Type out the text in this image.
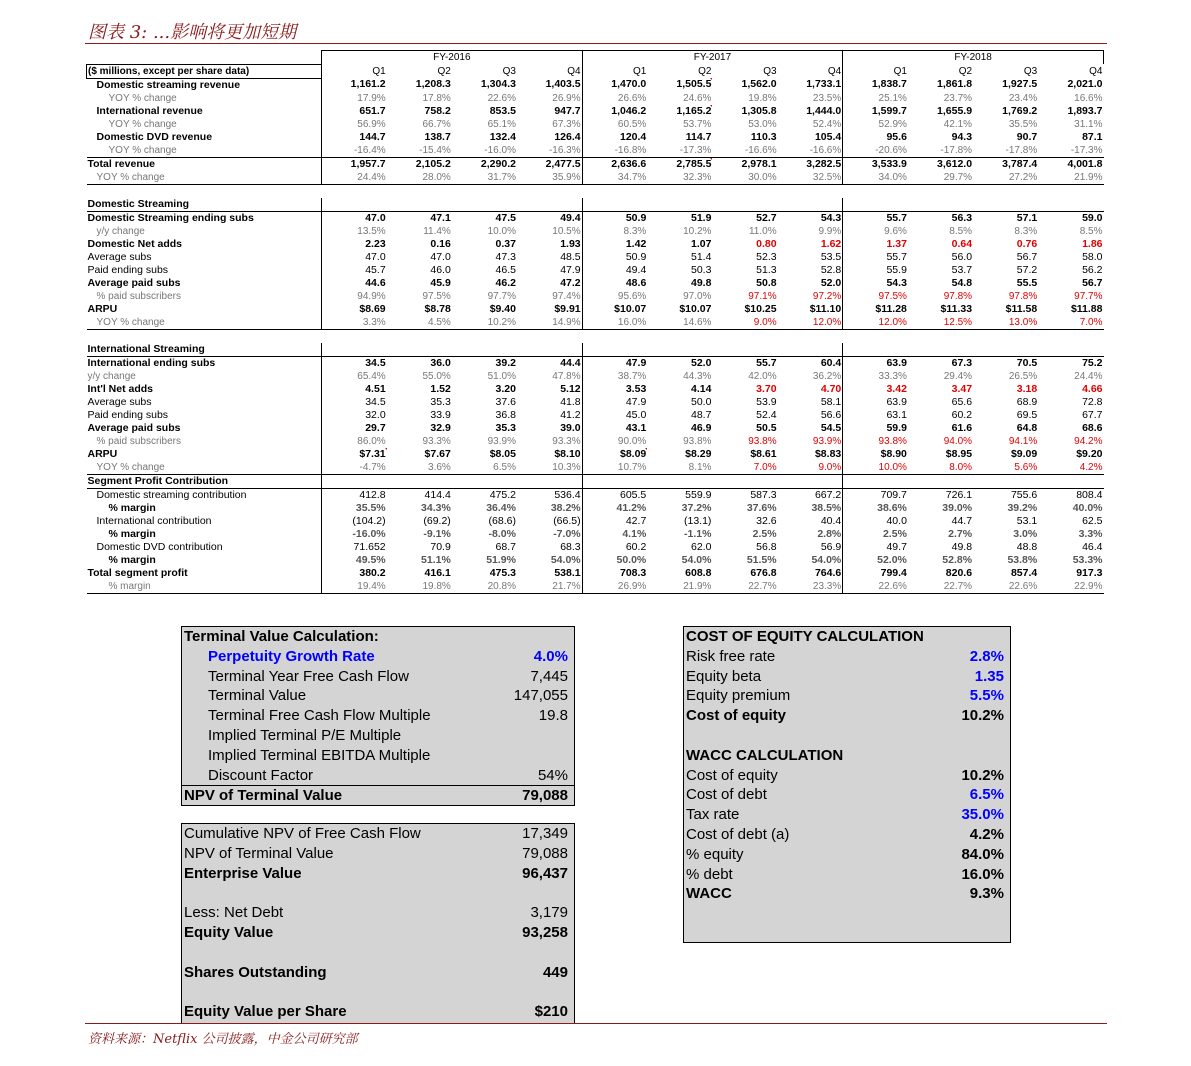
图表 3: ...影响将更加短期
	FY-2016				FY-2017				FY-2018			
($ millions, except per share data)	Q1	Q2	Q3	Q4	Q1	Q2	Q3	Q4	Q1	Q2	Q3	Q4
Domestic streaming revenue	1,161.2	1,208.3	1,304.3	1,403.5	1,470.0	1,505.5	1,562.0	1,733.1	1,838.7	1,861.8	1,927.5	2,021.0
YOY % change	17.9%	17.8%	22.6%	26.9%	26.6%	24.6%	19.8%	23.5%	25.1%	23.7%	23.4%	16.6%
International revenue	651.7	758.2	853.5	947.7	1,046.2	1,165.2	1,305.8	1,444.0	1,599.7	1,655.9	1,769.2	1,893.7
YOY % change	56.9%	66.7%	65.1%	67.3%	60.5%	53.7%	53.0%	52.4%	52.9%	42.1%	35.5%	31.1%
Domestic DVD revenue	144.7	138.7	132.4	126.4	120.4	114.7	110.3	105.4	95.6	94.3	90.7	87.1
YOY % change	-16.4%	-15.4%	-16.0%	-16.3%	-16.8%	-17.3%	-16.6%	-16.6%	-20.6%	-17.8%	-17.8%	-17.3%
Total revenue	1,957.7	2,105.2	2,290.2	2,477.5	2,636.6	2,785.5	2,978.1	3,282.5	3,533.9	3,612.0	3,787.4	4,001.8
YOY % change	24.4%	28.0%	31.7%	35.9%	34.7%	32.3%	30.0%	32.5%	34.0%	29.7%	27.2%	21.9%

Domestic Streaming												
Domestic Streaming ending subs	47.0	47.1	47.5	49.4	50.9	51.9	52.7	54.3	55.7	56.3	57.1	59.0
y/y change	13.5%	11.4%	10.0%	10.5%	8.3%	10.2%	11.0%	9.9%	9.6%	8.5%	8.3%	8.5%
Domestic Net adds	2.23	0.16	0.37	1.93	1.42	1.07	0.80	1.62	1.37	0.64	0.76	1.86
Average subs	47.0	47.0	47.3	48.5	50.9	51.4	52.3	53.5	55.7	56.0	56.7	58.0
Paid ending subs	45.7	46.0	46.5	47.9	49.4	50.3	51.3	52.8	55.9	53.7	57.2	56.2
Average paid subs	44.6	45.9	46.2	47.2	48.6	49.8	50.8	52.0	54.3	54.8	55.5	56.7
% paid subscribers	94.9%	97.5%	97.7%	97.4%	95.6%	97.0%	97.1%	97.2%	97.5%	97.8%	97.8%	97.7%
ARPU	$8.69	$8.78	$9.40	$9.91	$10.07	$10.07	$10.25	$11.10	$11.28	$11.33	$11.58	$11.88
YOY % change	3.3%	4.5%	10.2%	14.9%	16.0%	14.6%	9.0%	12.0%	12.0%	12.5%	13.0%	7.0%

International Streaming												
International ending subs	34.5	36.0	39.2	44.4	47.9	52.0	55.7	60.4	63.9	67.3	70.5	75.2
y/y change	65.4%	55.0%	51.0%	47.8%	38.7%	44.3%	42.0%	36.2%	33.3%	29.4%	26.5%	24.4%
Int'l Net adds	4.51	1.52	3.20	5.12	3.53	4.14	3.70	4.70	3.42	3.47	3.18	4.66
Average subs	34.5	35.3	37.6	41.8	47.9	50.0	53.9	58.1	63.9	65.6	68.9	72.8
Paid ending subs	32.0	33.9	36.8	41.2	45.0	48.7	52.4	56.6	63.1	60.2	69.5	67.7
Average paid subs	29.7	32.9	35.3	39.0	43.1	46.9	50.5	54.5	59.9	61.6	64.8	68.6
% paid subscribers	86.0%	93.3%	93.9%	93.3%	90.0%	93.8%	93.8%	93.9%	93.8%	94.0%	94.1%	94.2%
ARPU	$7.31	$7.67	$8.05	$8.10	$8.09	$8.29	$8.61	$8.83	$8.90	$8.95	$9.09	$9.20
YOY % change	-4.7%	3.6%	6.5%	10.3%	10.7%	8.1%	7.0%	9.0%	10.0%	8.0%	5.6%	4.2%
Segment Profit Contribution												
Domestic streaming contribution	412.8	414.4	475.2	536.4	605.5	559.9	587.3	667.2	709.7	726.1	755.6	808.4
% margin	35.5%	34.3%	36.4%	38.2%	41.2%	37.2%	37.6%	38.5%	38.6%	39.0%	39.2%	40.0%
International contribution	(104.2)	(69.2)	(68.6)	(66.5)	42.7	(13.1)	32.6	40.4	40.0	44.7	53.1	62.5
% margin	-16.0%	-9.1%	-8.0%	-7.0%	4.1%	-1.1%	2.5%	2.8%	2.5%	2.7%	3.0%	3.3%
Domestic DVD contribution	71.652	70.9	68.7	68.3	60.2	62.0	56.8	56.9	49.7	49.8	48.8	46.4
% margin	49.5%	51.1%	51.9%	54.0%	50.0%	54.0%	51.5%	54.0%	52.0%	52.8%	53.8%	53.3%
Total segment profit	380.2	416.1	475.3	538.1	708.3	608.8	676.8	764.6	799.4	820.6	857.4	917.3
% margin	19.4%	19.8%	20.8%	21.7%	26.9%	21.9%	22.7%	23.3%	22.6%	22.7%	22.6%	22.9%
Terminal Value Calculation:
Perpetuity Growth Rate	4.0%
Terminal Year Free Cash Flow	7,445
Terminal Value	147,055
Terminal Free Cash Flow Multiple	19.8
Implied Terminal P/E Multiple
Implied Terminal EBITDA Multiple
Discount Factor	54%
NPV of Terminal Value	79,088
Cumulative NPV of Free Cash Flow	17,349
NPV of Terminal Value	79,088
Enterprise Value	96,437
Less: Net Debt	3,179
Equity Value	93,258
Shares Outstanding	449
Equity Value per Share	$210
COST OF EQUITY CALCULATION
Risk free rate	2.8%
Equity beta	1.35
Equity premium	5.5%
Cost of equity	10.2%
WACC CALCULATION
Cost of equity	10.2%
Cost of debt	6.5%
Tax rate	35.0%
Cost of debt (a)	4.2%
% equity	84.0%
% debt	16.0%
WACC	9.3%
资料来源：Netflix 公司披露，中金公司研究部
